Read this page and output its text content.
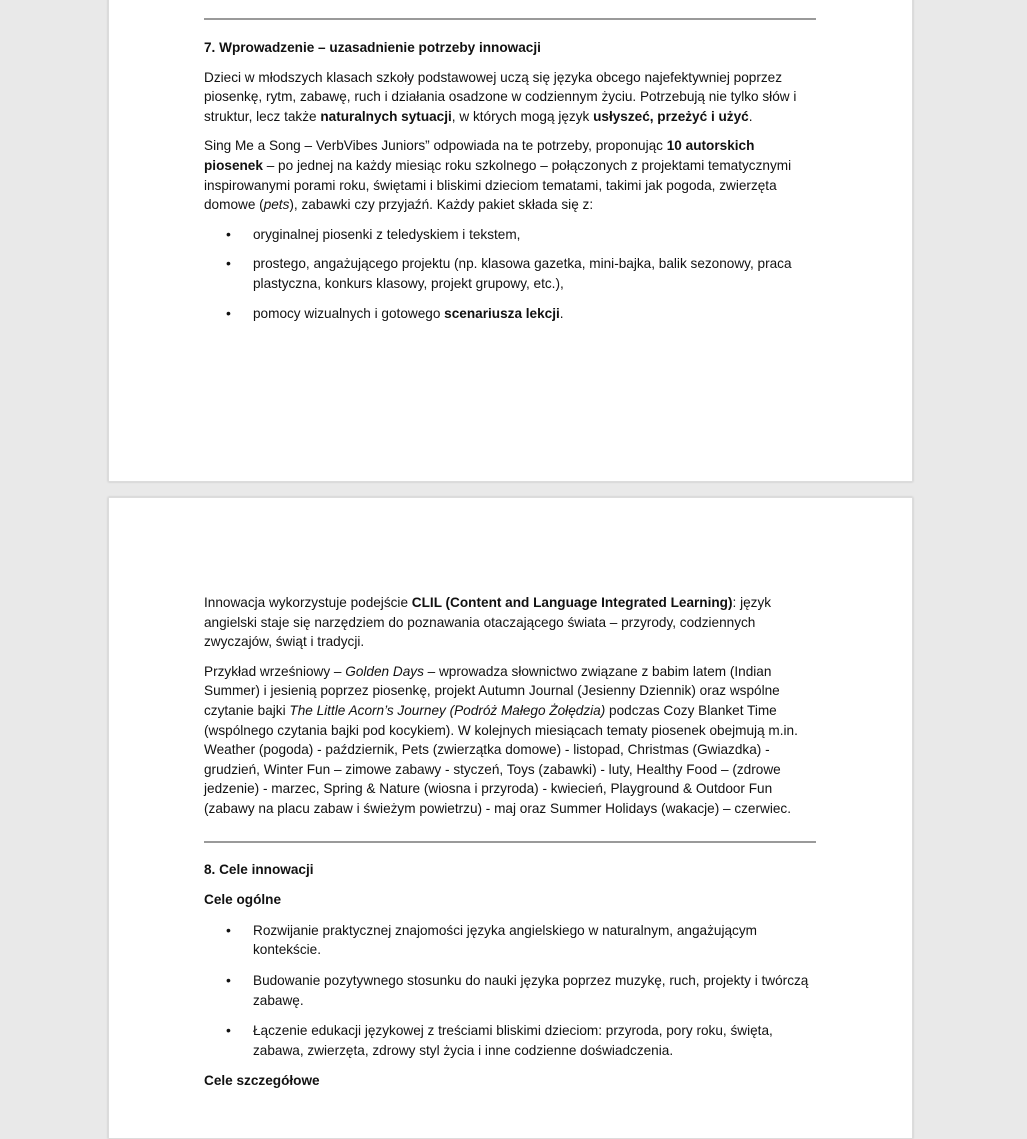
7. Wprowadzenie – uzasadnienie potrzeby innowacji

Dzieci w młodszych klasach szkoły podstawowej uczą się języka obcego najefektywniej poprzez piosenkę, rytm, zabawę, ruch i działania osadzone w codziennym życiu. Potrzebują nie tylko słów i struktur, lecz także naturalnych sytuacji, w których mogą język usłyszeć, przeżyć i użyć.

Sing Me a Song – VerbVibes Juniors” odpowiada na te potrzeby, proponując 10 autorskich piosenek – po jednej na każdy miesiąc roku szkolnego – połączonych z projektami tematycznymi inspirowanymi porami roku, świętami i bliskimi dzieciom tematami, takimi jak pogoda, zwierzęta domowe (pets), zabawki czy przyjaźń. Każdy pakiet składa się z:

• oryginalnej piosenki z teledyskiem i tekstem,
• prostego, angażującego projektu (np. klasowa gazetka, mini-bajka, balik sezonowy, praca plastyczna, konkurs klasowy, projekt grupowy, etc.),
• pomocy wizualnych i gotowego scenariusza lekcji.

Innowacja wykorzystuje podejście CLIL (Content and Language Integrated Learning): język angielski staje się narzędziem do poznawania otaczającego świata – przyrody, codziennych zwyczajów, świąt i tradycji.

Przykład wrześniowy – Golden Days – wprowadza słownictwo związane z babim latem (Indian Summer) i jesienią poprzez piosenkę, projekt Autumn Journal (Jesienny Dziennik) oraz wspólne czytanie bajki The Little Acorn’s Journey (Podróż Małego Żołędzia) podczas Cozy Blanket Time (wspólnego czytania bajki pod kocykiem). W kolejnych miesiącach tematy piosenek obejmują m.in. Weather (pogoda) - październik, Pets (zwierzątka domowe) - listopad, Christmas (Gwiazdka) - grudzień, Winter Fun – zimowe zabawy - styczeń, Toys (zabawki) - luty, Healthy Food – (zdrowe jedzenie) - marzec, Spring & Nature (wiosna i przyroda) - kwiecień, Playground & Outdoor Fun (zabawy na placu zabaw i świeżym powietrzu) - maj oraz Summer Holidays (wakacje) – czerwiec.

8. Cele innowacji
Cele ogólne
• Rozwijanie praktycznej znajomości języka angielskiego w naturalnym, angażującym kontekście.
• Budowanie pozytywnego stosunku do nauki języka poprzez muzykę, ruch, projekty i twórczą zabawę.
• Łączenie edukacji językowej z treściami bliskimi dzieciom: przyroda, pory roku, święta, zabawa, zwierzęta, zdrowy styl życia i inne codzienne doświadczenia.
Cele szczegółowe
